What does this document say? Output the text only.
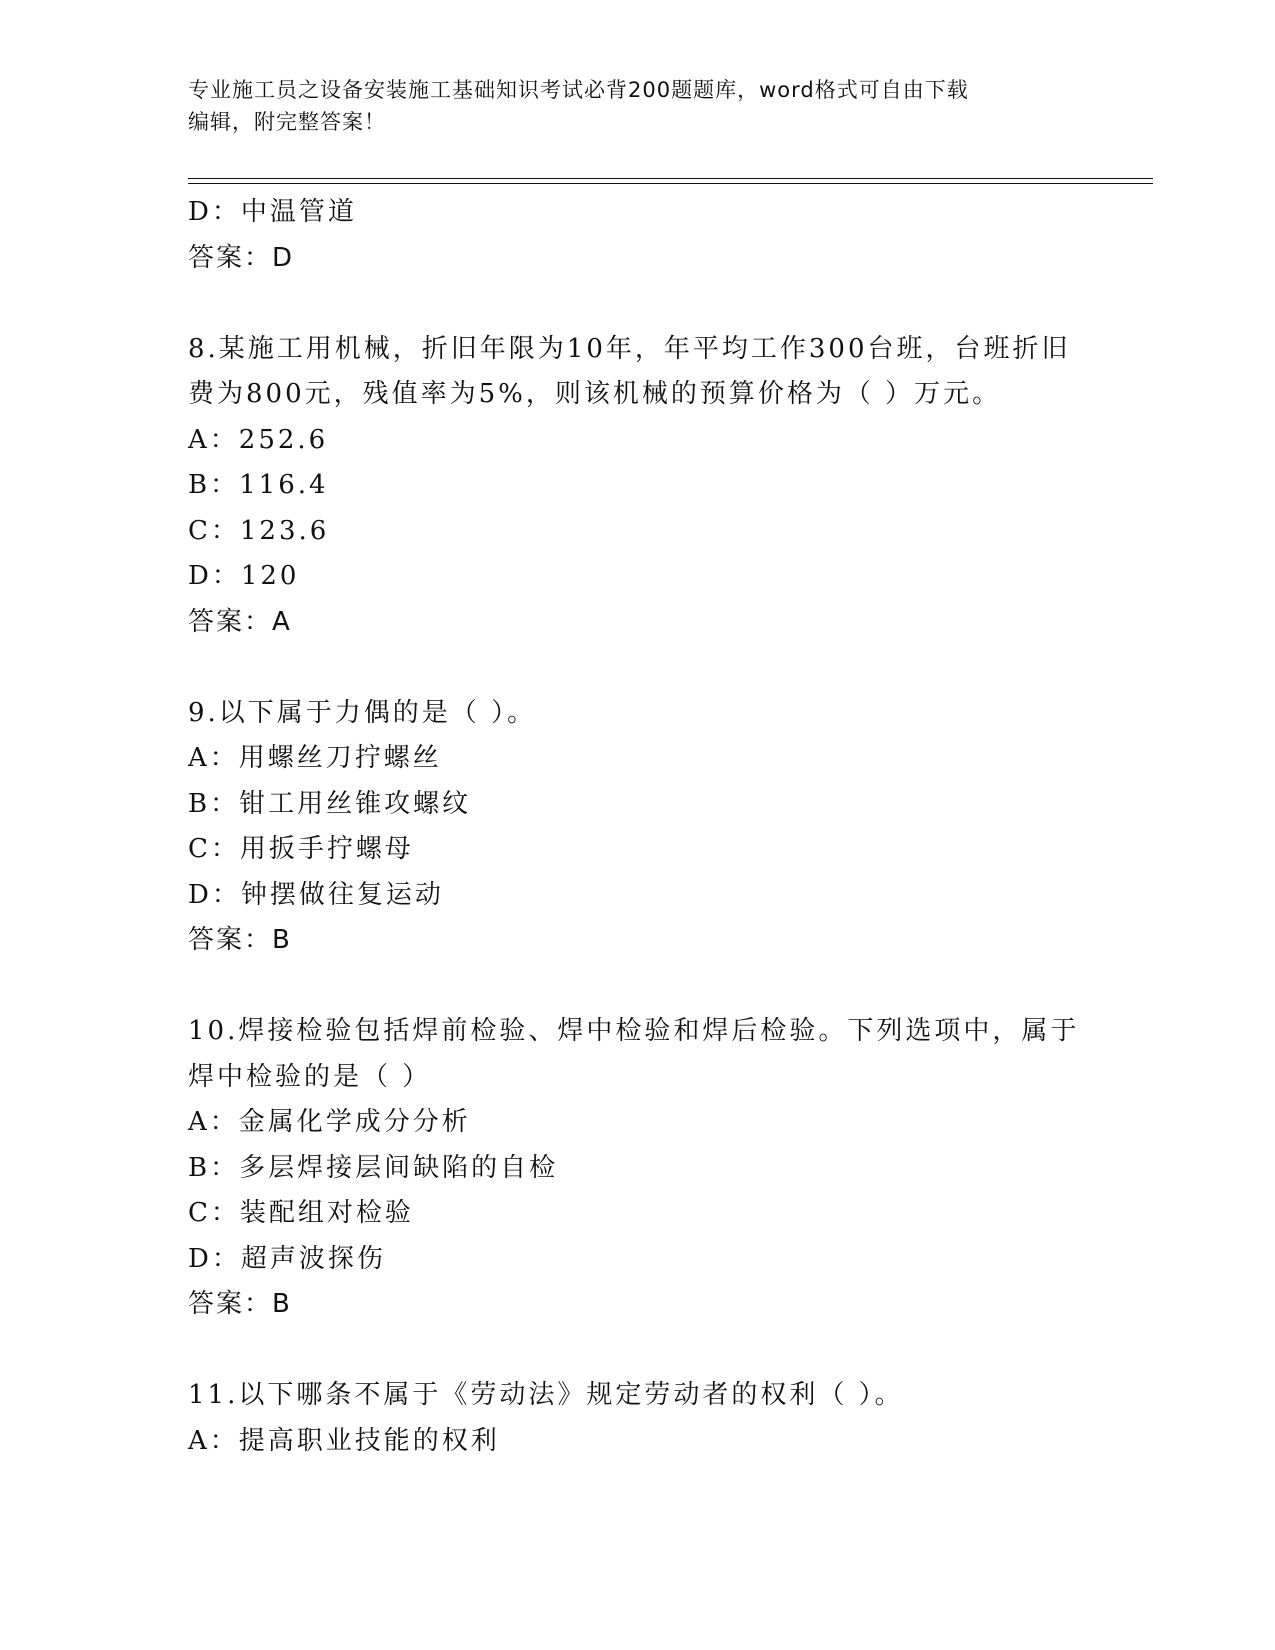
专业施工员之设备安装施工基础知识考试必背200题题库，word格式可自由下载
编辑，附完整答案！
D：中温管道
答案：D
8.某施工用机械，折旧年限为10年，年平均工作300台班，台班折旧
费为800元，残值率为5%，则该机械的预算价格为（ ）万元。
A：252.6
B：116.4
C：123.6
D：120
答案：A
9.以下属于力偶的是（ ）。
A：用螺丝刀拧螺丝
B：钳工用丝锥攻螺纹
C：用扳手拧螺母
D：钟摆做往复运动
答案：B
10.焊接检验包括焊前检验、焊中检验和焊后检验。下列选项中，属于
焊中检验的是（ ）
A：金属化学成分分析
B：多层焊接层间缺陷的自检
C：装配组对检验
D：超声波探伤
答案：B
11.以下哪条不属于《劳动法》规定劳动者的权利（ ）。
A：提高职业技能的权利
